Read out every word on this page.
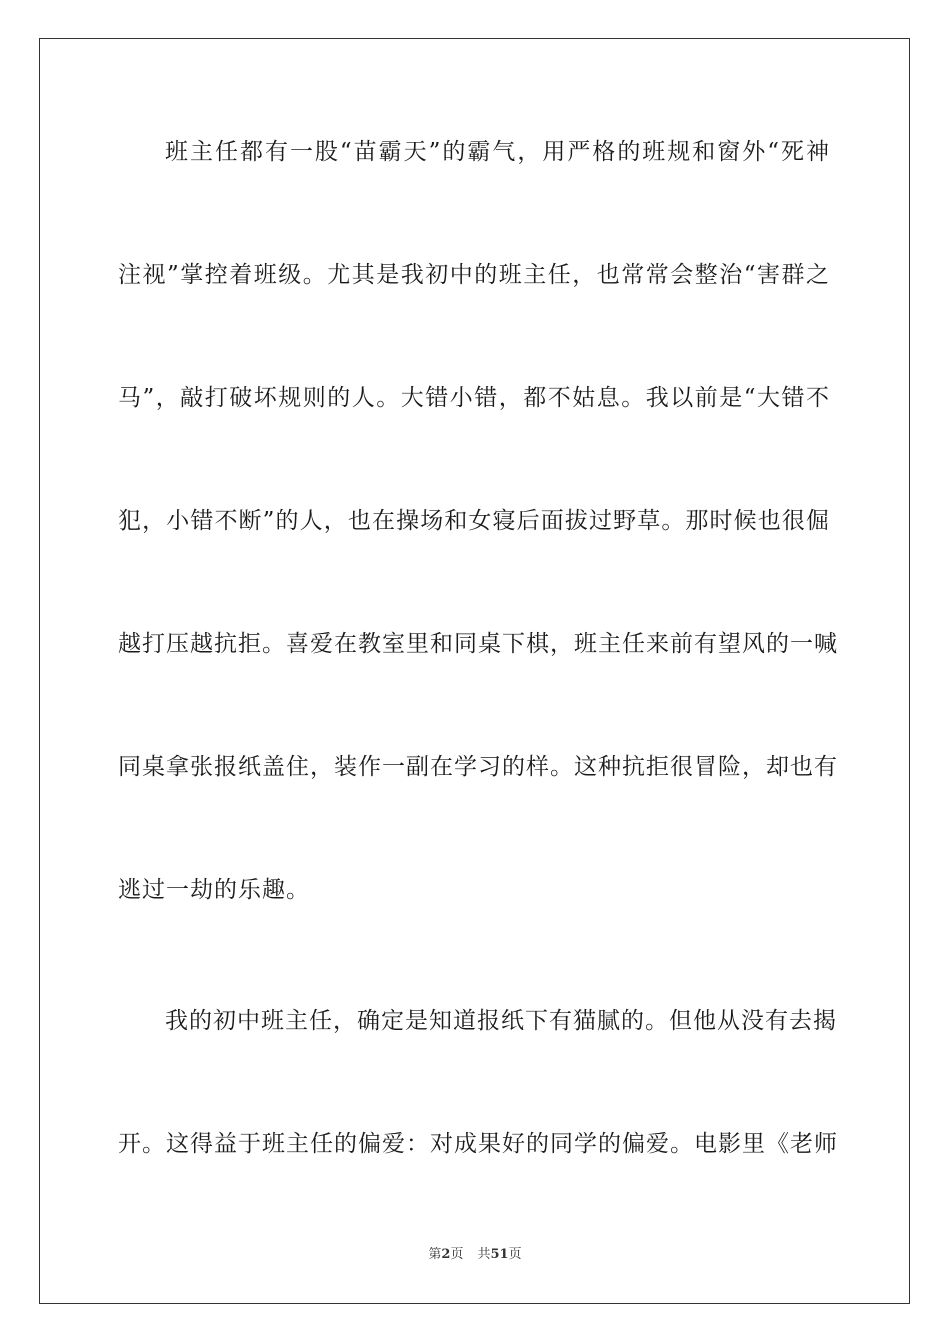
班主任都有一股“苗霸天”的霸气，用严格的班规和窗外“死神
注视”掌控着班级。尤其是我初中的班主任，也常常会整治“害群之
马”，敲打破坏规则的人。大错小错，都不姑息。我以前是“大错不
犯，小错不断”的人，也在操场和女寝后面拔过野草。那时候也很倔
越打压越抗拒。喜爱在教室里和同桌下棋，班主任来前有望风的一喊
同桌拿张报纸盖住，装作一副在学习的样。这种抗拒很冒险，却也有
逃过一劫的乐趣。
我的初中班主任，确定是知道报纸下有猫腻的。但他从没有去揭
开。这得益于班主任的偏爱：对成果好的同学的偏爱。电影里《老师
第2页 共51页
